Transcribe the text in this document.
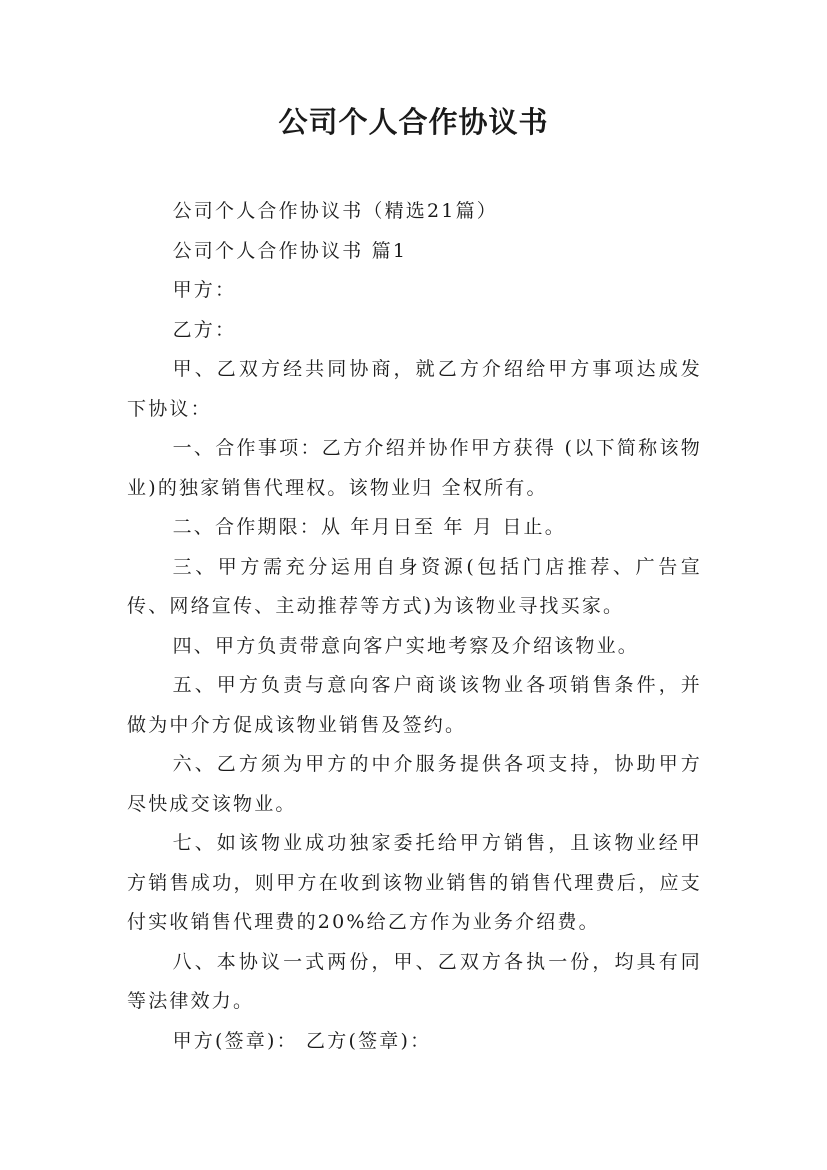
公司个人合作协议书

公司个人合作协议书（精选21篇）

公司个人合作协议书 篇1

甲方：

乙方：

甲、乙双方经共同协商，就乙方介绍给甲方事项达成发下协议：

一、合作事项：乙方介绍并协作甲方获得 (以下简称该物业)的独家销售代理权。该物业归 全权所有。

二、合作期限：从 年月日至 年 月 日止。

三、甲方需充分运用自身资源(包括门店推荐、广告宣传、网络宣传、主动推荐等方式)为该物业寻找买家。

四、甲方负责带意向客户实地考察及介绍该物业。

五、甲方负责与意向客户商谈该物业各项销售条件，并做为中介方促成该物业销售及签约。

六、乙方须为甲方的中介服务提供各项支持，协助甲方尽快成交该物业。

七、如该物业成功独家委托给甲方销售，且该物业经甲方销售成功，则甲方在收到该物业销售的销售代理费后，应支付实收销售代理费的20%给乙方作为业务介绍费。

八、本协议一式两份，甲、乙双方各执一份，均具有同等法律效力。

甲方(签章)： 乙方(签章)：
